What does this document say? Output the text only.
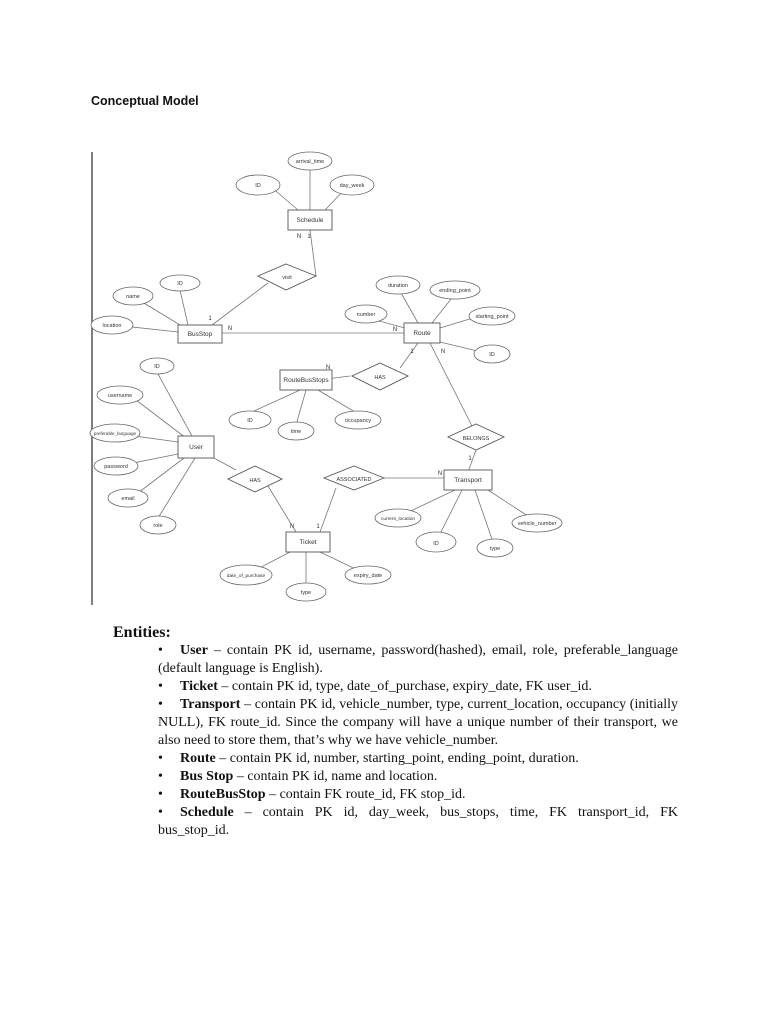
Conceptual Model
Schedule
BusStop	Route
RouteBusStops
User
Transport
Ticket
visit
HAS
BELONGS
HAS	ASSOCIATED
arrival_time
ID	day_week
ID
name
location
duration
ending_point
number	starting_point
ID
ID
time
occupancy
ID
username
preferable_language
password
email
role
current_location
ID
type
vehicle_number
date_of_purchase
type
expiry_date
N 1
1
N	N
1	N
N
1
N
N	1
Entities:
• User – contain PK id, username, password(hashed), email, role, preferable_language (default language is English).
• Ticket – contain PK id, type, date_of_purchase, expiry_date, FK user_id.
• Transport – contain PK id, vehicle_number, type, current_location, occupancy (initially NULL), FK route_id. Since the company will have a unique number of their transport, we also need to store them, that’s why we have vehicle_number.
• Route – contain PK id, number, starting_point, ending_point, duration.
• Bus Stop – contain PK id, name and location.
• RouteBusStop – contain FK route_id, FK stop_id.
• Schedule – contain PK id, day_week, bus_stops, time, FK transport_id, FK bus_stop_id.
